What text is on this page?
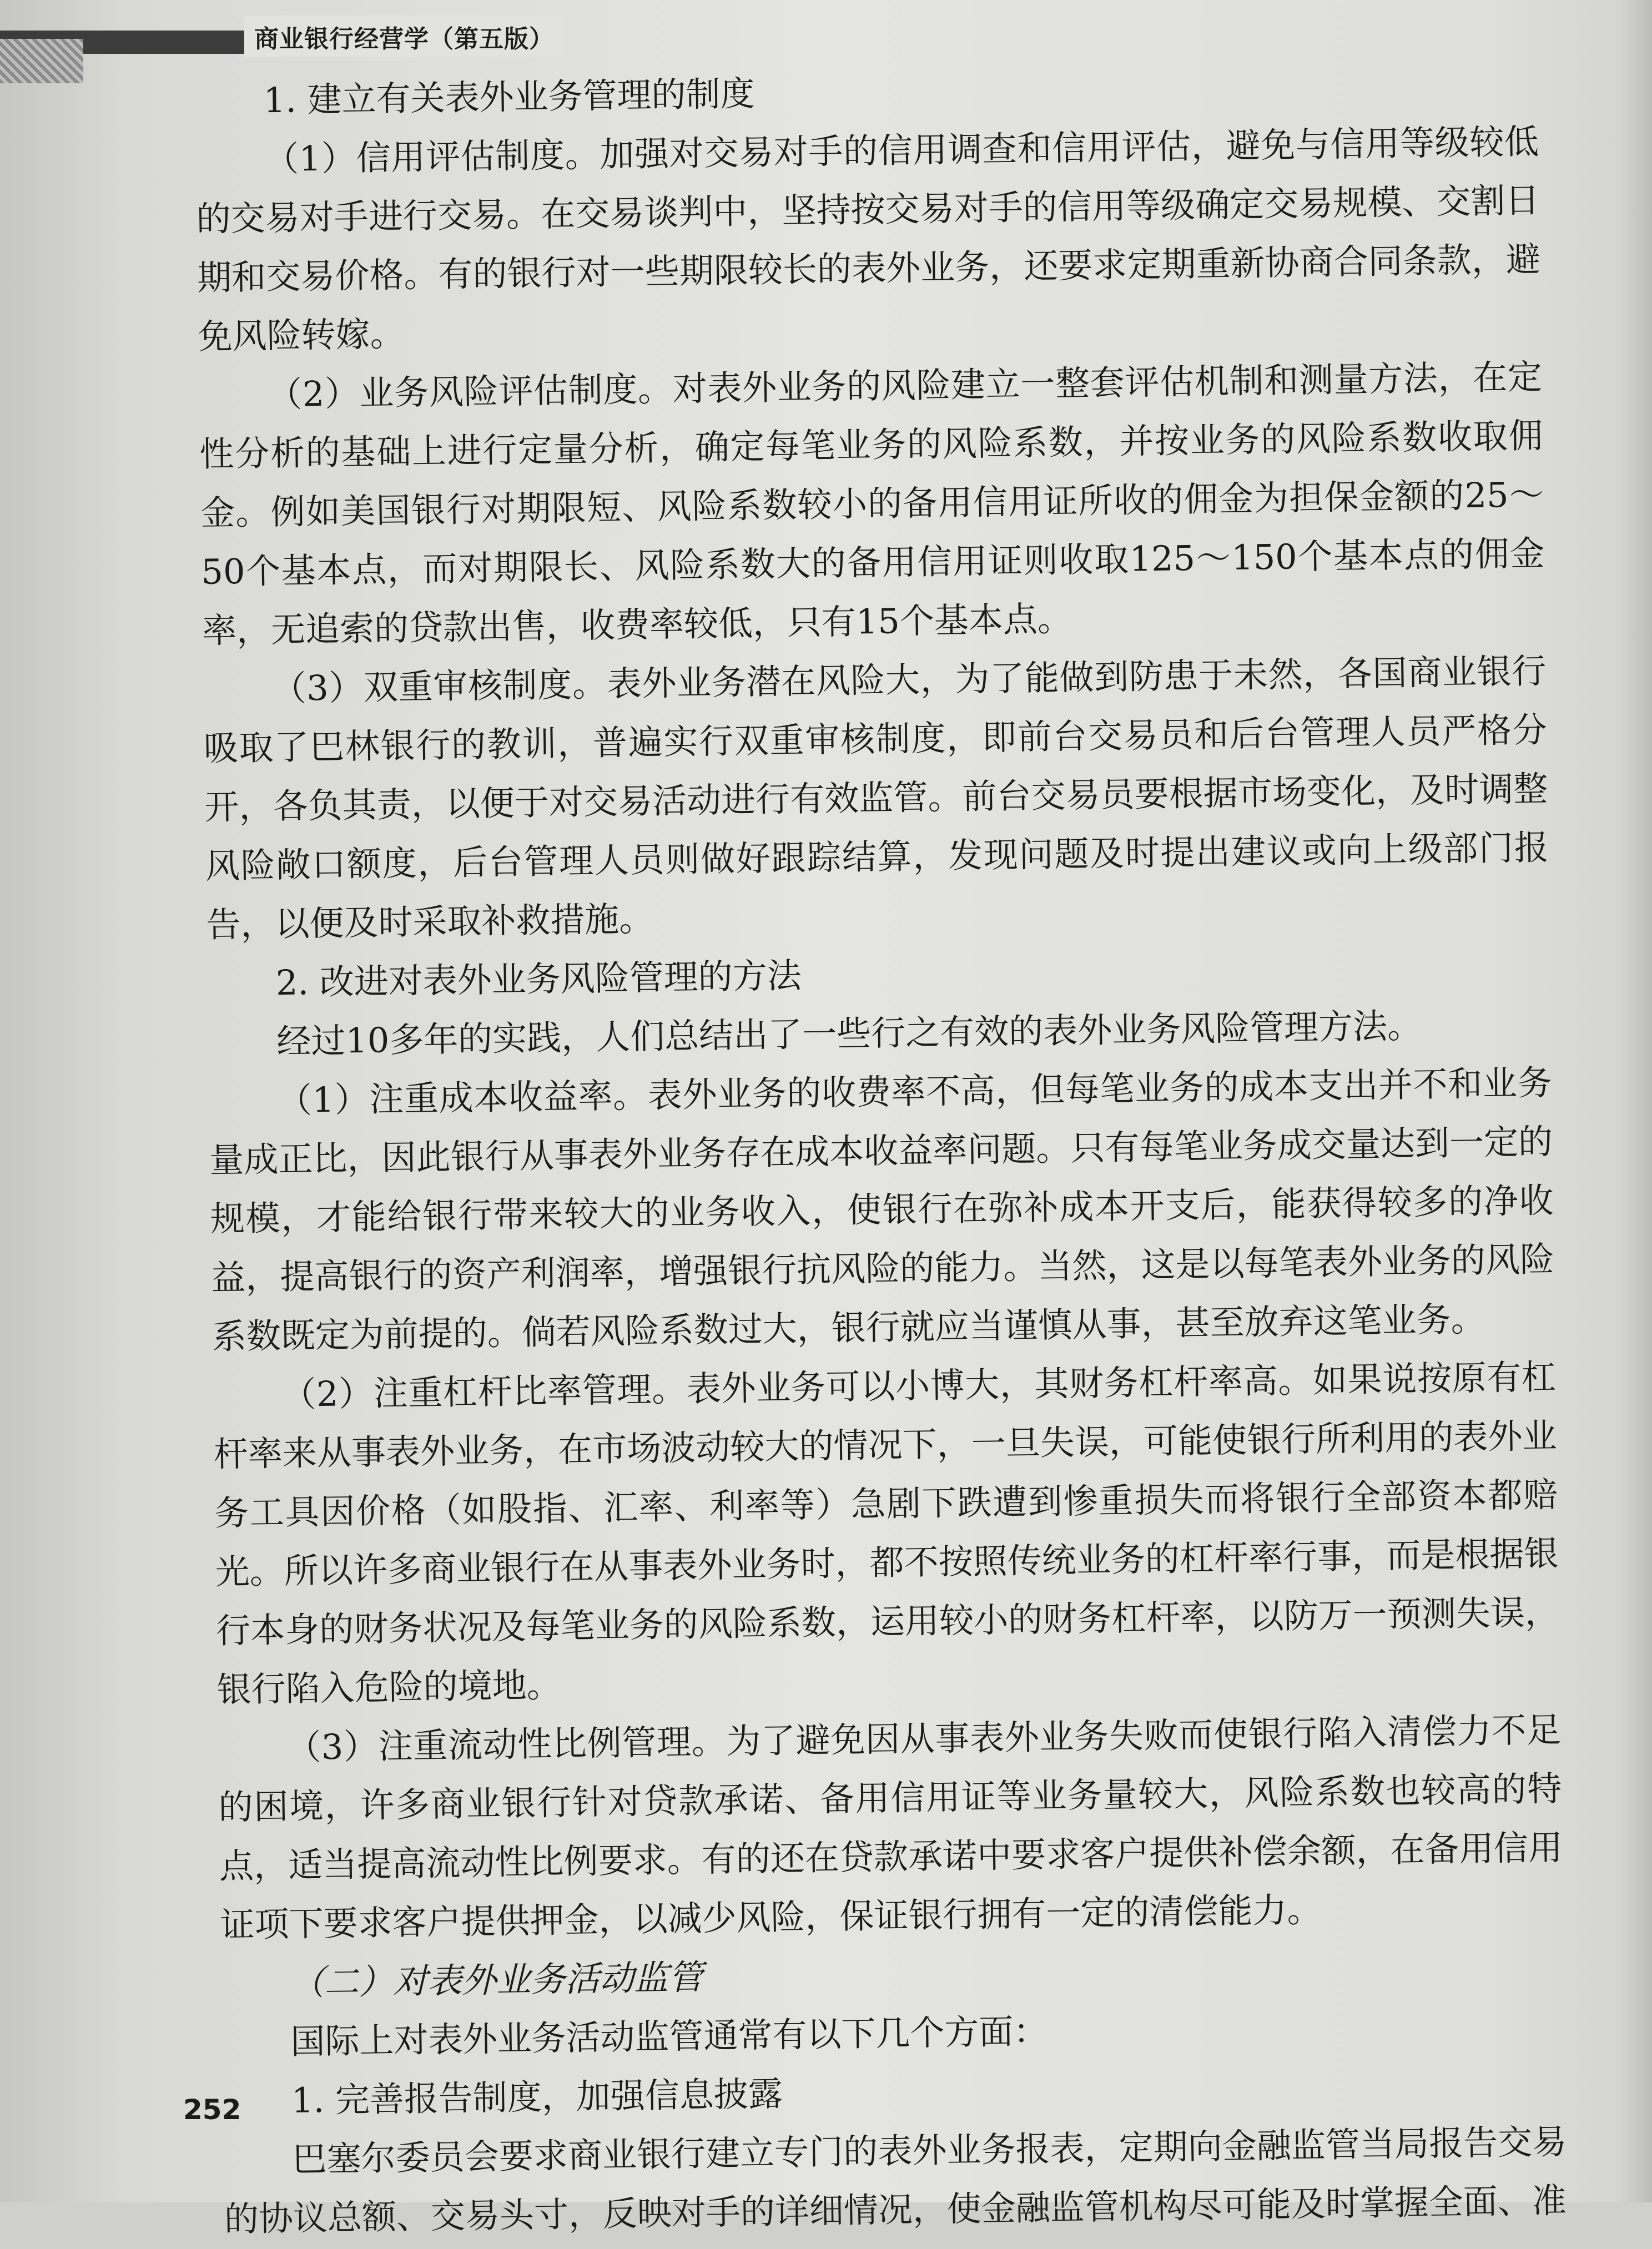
商业银行经营学（第五版）

1. 建立有关表外业务管理的制度

（1）信用评估制度。加强对交易对手的信用调查和信用评估，避免与信用等级较低的交易对手进行交易。在交易谈判中，坚持按交易对手的信用等级确定交易规模、交割日期和交易价格。有的银行对一些期限较长的表外业务，还要求定期重新协商合同条款，避免风险转嫁。

（2）业务风险评估制度。对表外业务的风险建立一整套评估机制和测量方法，在定性分析的基础上进行定量分析，确定每笔业务的风险系数，并按业务的风险系数收取佣金。例如美国银行对期限短、风险系数较小的备用信用证所收的佣金为担保金额的25～50个基本点，而对期限长、风险系数大的备用信用证则收取125～150个基本点的佣金率，无追索的贷款出售，收费率较低，只有15个基本点。

（3）双重审核制度。表外业务潜在风险大，为了能做到防患于未然，各国商业银行吸取了巴林银行的教训，普遍实行双重审核制度，即前台交易员和后台管理人员严格分开，各负其责，以便于对交易活动进行有效监管。前台交易员要根据市场变化，及时调整风险敞口额度，后台管理人员则做好跟踪结算，发现问题及时提出建议或向上级部门报告，以便及时采取补救措施。

2. 改进对表外业务风险管理的方法

经过10多年的实践，人们总结出了一些行之有效的表外业务风险管理方法。

（1）注重成本收益率。表外业务的收费率不高，但每笔业务的成本支出并不和业务量成正比，因此银行从事表外业务存在成本收益率问题。只有每笔业务成交量达到一定的规模，才能给银行带来较大的业务收入，使银行在弥补成本开支后，能获得较多的净收益，提高银行的资产利润率，增强银行抗风险的能力。当然，这是以每笔表外业务的风险系数既定为前提的。倘若风险系数过大，银行就应当谨慎从事，甚至放弃这笔业务。

（2）注重杠杆比率管理。表外业务可以小博大，其财务杠杆率高。如果说按原有杠杆率来从事表外业务，在市场波动较大的情况下，一旦失误，可能使银行所利用的表外业务工具因价格（如股指、汇率、利率等）急剧下跌遭到惨重损失而将银行全部资本都赔光。所以许多商业银行在从事表外业务时，都不按照传统业务的杠杆率行事，而是根据银行本身的财务状况及每笔业务的风险系数，运用较小的财务杠杆率，以防万一预测失误，银行陷入危险的境地。

（3）注重流动性比例管理。为了避免因从事表外业务失败而使银行陷入清偿力不足的困境，许多商业银行针对贷款承诺、备用信用证等业务量较大，风险系数也较高的特点，适当提高流动性比例要求。有的还在贷款承诺中要求客户提供补偿余额，在备用信用证项下要求客户提供押金，以减少风险，保证银行拥有一定的清偿能力。

（二）对表外业务活动监管

国际上对表外业务活动监管通常有以下几个方面：

1. 完善报告制度，加强信息披露

巴塞尔委员会要求商业银行建立专门的表外业务报表，定期向金融监管当局报告交易的协议总额、交易头寸，反映对手的详细情况，使金融监管机构尽可能及时掌握全面、准

252
